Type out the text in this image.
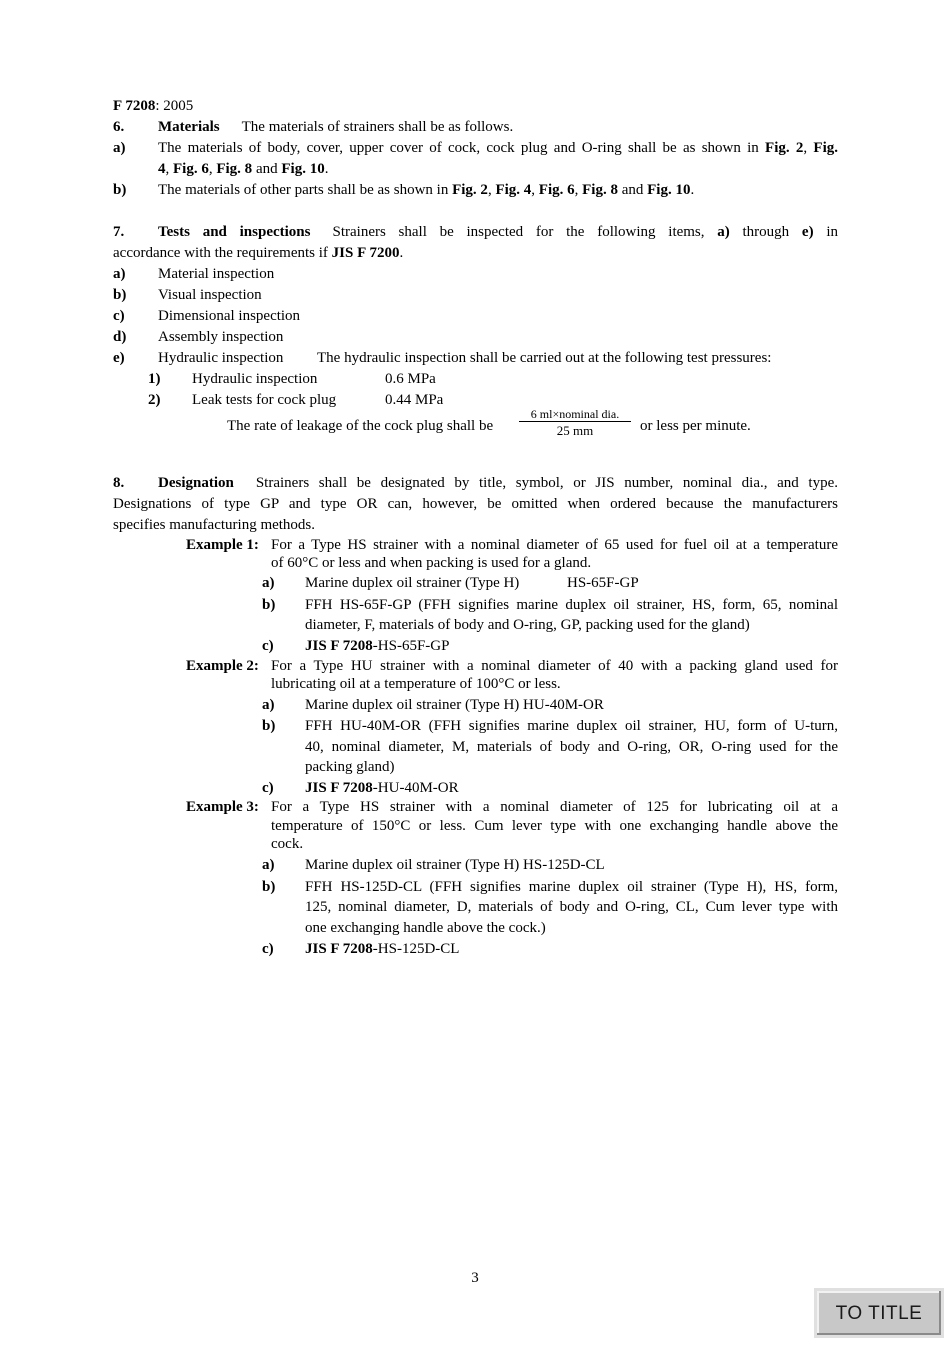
F 7208: 2005
6. Materials The materials of strainers shall be as follows.
a) The materials of body, cover, upper cover of cock, cock plug and O-ring shall be as shown in Fig. 2, Fig.
4, Fig. 6, Fig. 8 and Fig. 10.
b) The materials of other parts shall be as shown in Fig. 2, Fig. 4, Fig. 6, Fig. 8 and Fig. 10.
7. Tests and inspections Strainers shall be inspected for the following items, a) through e) in
accordance with the requirements if JIS F 7200.
a) Material inspection
b) Visual inspection
c) Dimensional inspection
d) Assembly inspection
e) Hydraulic inspection The hydraulic inspection shall be carried out at the following test pressures:
1) Hydraulic inspection	0.6 MPa
2) Leak tests for cock plug	0.44 MPa
The rate of leakage of the cock plug shall be
6 ml×nominal dia.
25 mm	or less per minute.
8. Designation Strainers shall be designated by title, symbol, or JIS number, nominal dia., and type.
Designations of type GP and type OR can, however, be omitted when ordered because the manufacturers
specifies manufacturing methods.
Example 1: For a Type HS strainer with a nominal diameter of 65 used for fuel oil at a temperature
of 60°C or less and when packing is used for a gland.
a) Marine duplex oil strainer (Type H)	HS-65F-GP
b) FFH HS-65F-GP (FFH signifies marine duplex oil strainer, HS, form, 65, nominal
diameter, F, materials of body and O-ring, GP, packing used for the gland)
c) JIS F 7208-HS-65F-GP
Example 2: For a Type HU strainer with a nominal diameter of 40 with a packing gland used for
lubricating oil at a temperature of 100°C or less.
a) Marine duplex oil strainer (Type H) HU-40M-OR
b) FFH HU-40M-OR (FFH signifies marine duplex oil strainer, HU, form of U-turn,
40, nominal diameter, M, materials of body and O-ring, OR, O-ring used for the
packing gland)
c) JIS F 7208-HU-40M-OR
Example 3: For a Type HS strainer with a nominal diameter of 125 for lubricating oil at a
temperature of 150°C or less. Cum lever type with one exchanging handle above the
cock.
a) Marine duplex oil strainer (Type H) HS-125D-CL
b) FFH HS-125D-CL (FFH signifies marine duplex oil strainer (Type H), HS, form,
125, nominal diameter, D, materials of body and O-ring, CL, Cum lever type with
one exchanging handle above the cock.)
c) JIS F 7208-HS-125D-CL
3
TO TITLE
